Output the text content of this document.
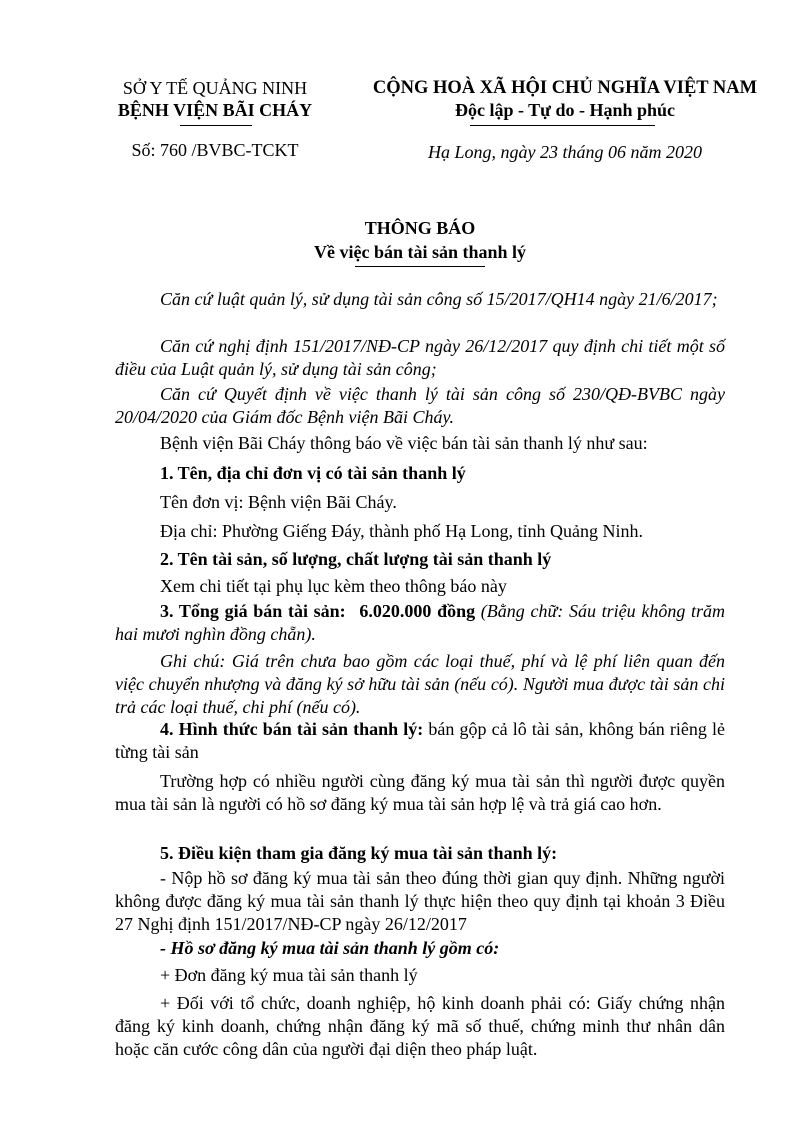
SỞ Y TẾ QUẢNG NINH
BỆNH VIỆN BÃI CHÁY
Số: 760 /BVBC-TCKT
CỘNG HOÀ XÃ HỘI CHỦ NGHĨA VIỆT NAM
Độc lập - Tự do - Hạnh phúc
Hạ Long, ngày 23 tháng 06 năm 2020
THÔNG BÁO
Về việc bán tài sản thanh lý
Căn cứ luật quản lý, sử dụng tài sản công số 15/2017/QH14 ngày 21/6/2017;
Căn cứ nghị định 151/2017/NĐ-CP ngày 26/12/2017 quy định chi tiết một số điều của Luật quản lý, sử dụng tài sản công;
Căn cứ Quyết định về việc thanh lý tài sản công số 230/QĐ-BVBC ngày 20/04/2020 của Giám đốc Bệnh viện Bãi Cháy.
Bệnh viện Bãi Cháy thông báo về việc bán tài sản thanh lý như sau:
1. Tên, địa chỉ đơn vị có tài sản thanh lý
Tên đơn vị: Bệnh viện Bãi Cháy.
Địa chỉ: Phường Giếng Đáy, thành phố Hạ Long, tỉnh Quảng Ninh.
2. Tên tài sản, số lượng, chất lượng tài sản thanh lý
Xem chi tiết tại phụ lục kèm theo thông báo này
3. Tổng giá bán tài sản: 6.020.000 đồng (Bằng chữ: Sáu triệu không trăm hai mươi nghìn đồng chẵn).
Ghi chú: Giá trên chưa bao gồm các loại thuế, phí và lệ phí liên quan đến việc chuyển nhượng và đăng ký sở hữu tài sản (nếu có). Người mua được tài sản chi trả các loại thuế, chi phí (nếu có).
4. Hình thức bán tài sản thanh lý: bán gộp cả lô tài sản, không bán riêng lẻ từng tài sản
Trường hợp có nhiều người cùng đăng ký mua tài sản thì người được quyền mua tài sản là người có hồ sơ đăng ký mua tài sản hợp lệ và trả giá cao hơn.
5. Điều kiện tham gia đăng ký mua tài sản thanh lý:
- Nộp hồ sơ đăng ký mua tài sản theo đúng thời gian quy định. Những người không được đăng ký mua tài sản thanh lý thực hiện theo quy định tại khoản 3 Điều 27 Nghị định 151/2017/NĐ-CP ngày 26/12/2017
- Hồ sơ đăng ký mua tài sản thanh lý gồm có:
+ Đơn đăng ký mua tài sản thanh lý
+ Đối với tổ chức, doanh nghiệp, hộ kinh doanh phải có: Giấy chứng nhận đăng ký kinh doanh, chứng nhận đăng ký mã số thuế, chứng minh thư nhân dân hoặc căn cước công dân của người đại diện theo pháp luật.
